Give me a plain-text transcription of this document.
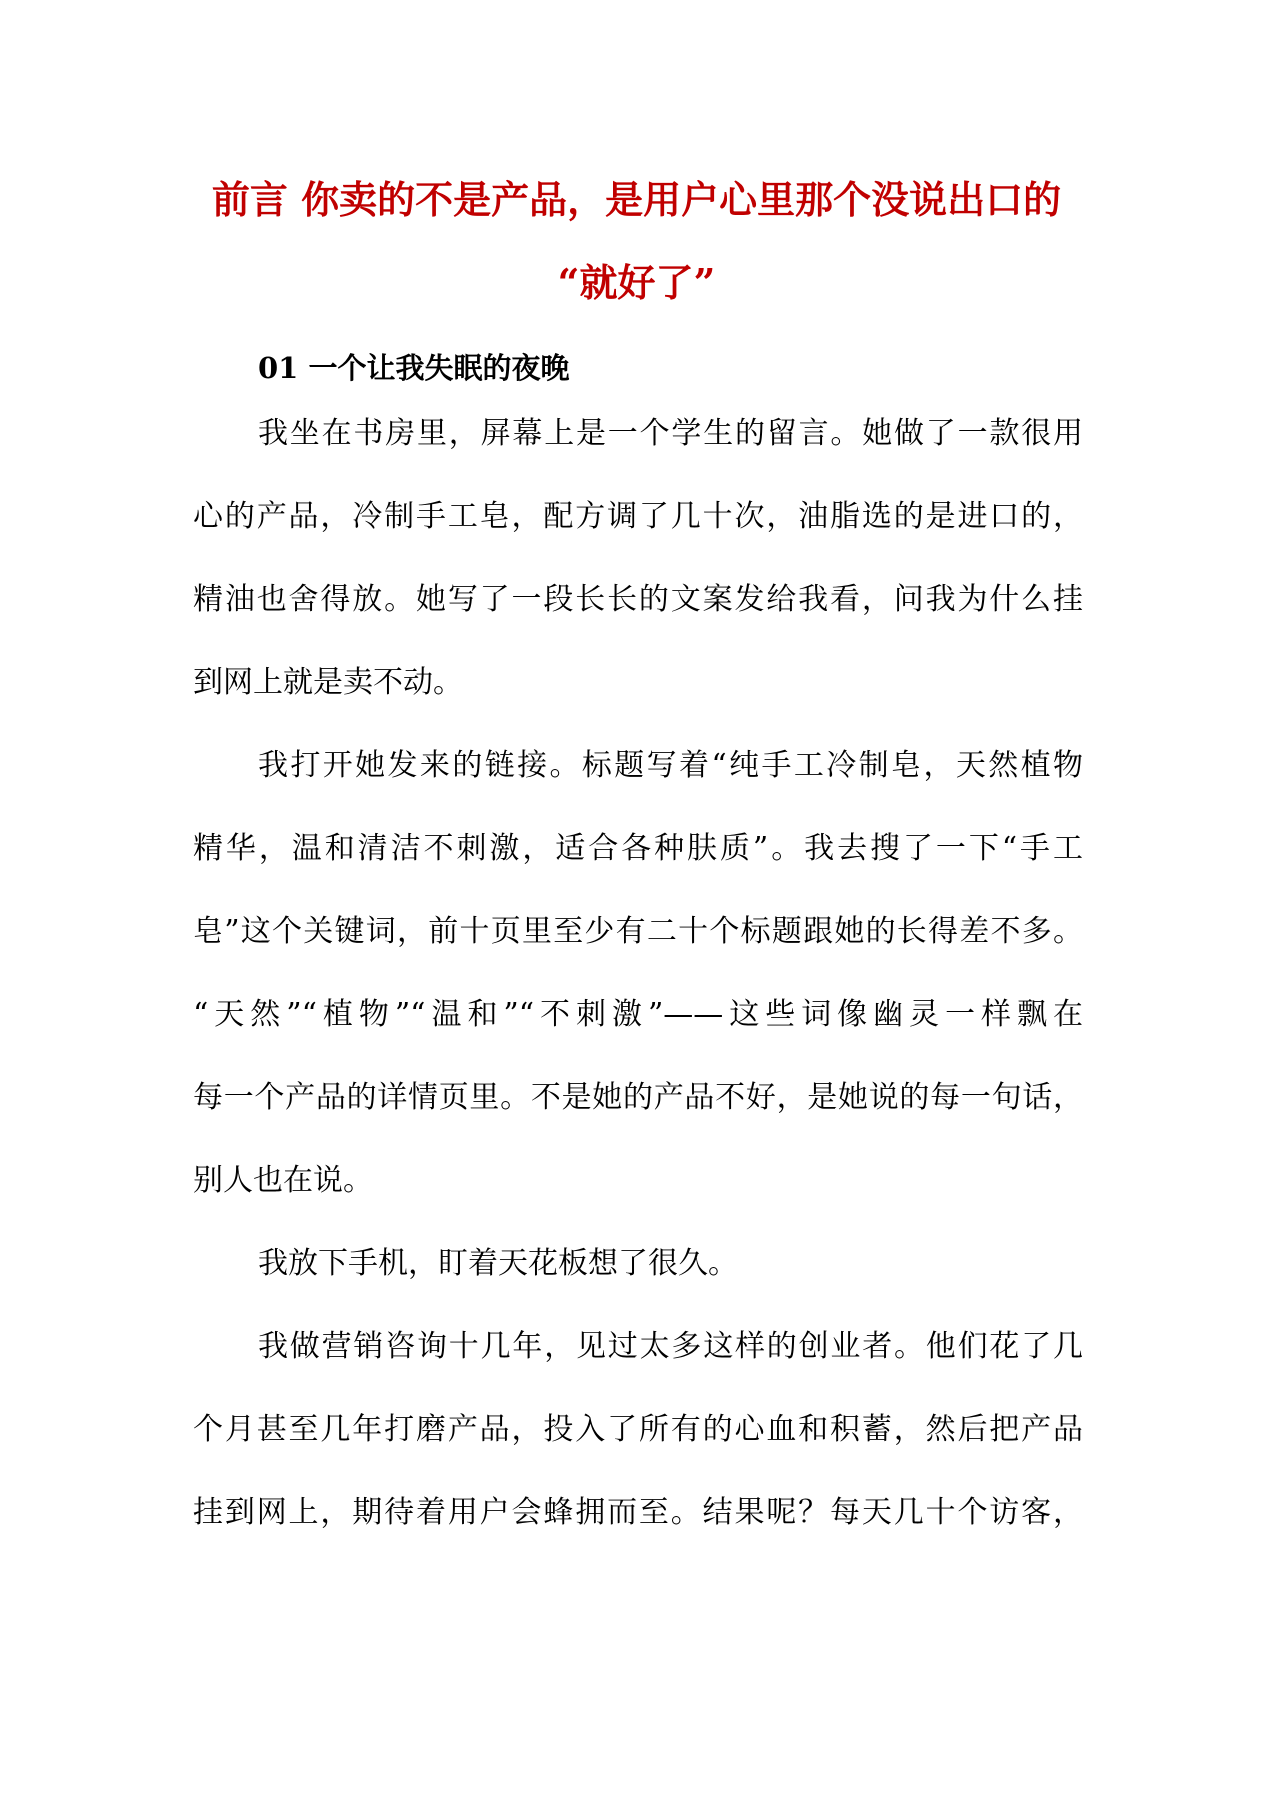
前言 你卖的不是产品，是用户心里那个没说出口的
“就好了”
01 一个让我失眠的夜晚
我坐在书房里，屏幕上是一个学生的留言。她做了一款很用
心的产品，冷制手工皂，配方调了几十次，油脂选的是进口的，
精油也舍得放。她写了一段长长的文案发给我看，问我为什么挂
到网上就是卖不动。
我打开她发来的链接。标题写着“纯手工冷制皂，天然植物
精华，温和清洁不刺激，适合各种肤质”。我去搜了一下“手工
皂”这个关键词，前十页里至少有二十个标题跟她的长得差不多。
“天然”“植物”“温和”“不刺激”——这些词像幽灵一样飘在
每一个产品的详情页里。不是她的产品不好，是她说的每一句话，
别人也在说。
我放下手机，盯着天花板想了很久。
我做营销咨询十几年，见过太多这样的创业者。他们花了几
个月甚至几年打磨产品，投入了所有的心血和积蓄，然后把产品
挂到网上，期待着用户会蜂拥而至。结果呢？每天几十个访客，
